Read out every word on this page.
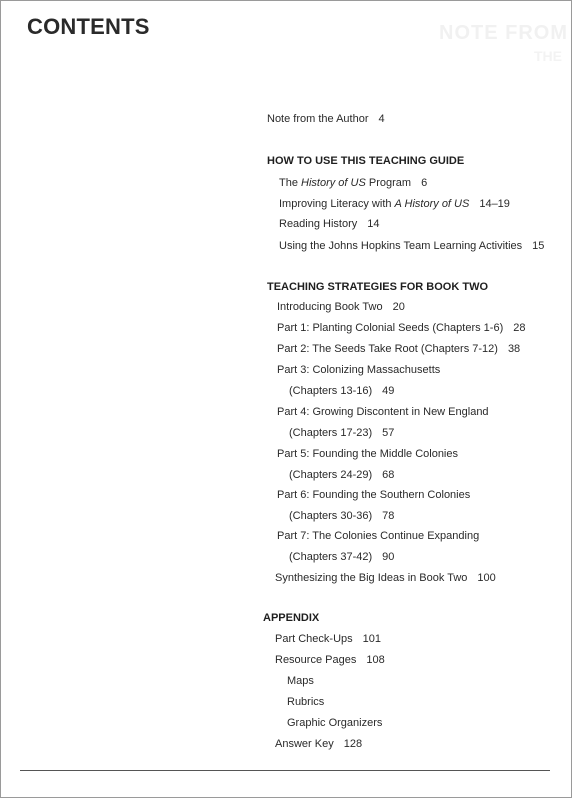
NOTE FROM
THE
CONTENTS
Note from the Author 4
HOW TO USE THIS TEACHING GUIDE
The History of US Program 6
Improving Literacy with A History of US 14–19
Reading History 14
Using the Johns Hopkins Team Learning Activities 15
TEACHING STRATEGIES FOR BOOK TWO
Introducing Book Two 20
Part 1: Planting Colonial Seeds (Chapters 1-6) 28
Part 2: The Seeds Take Root (Chapters 7-12) 38
Part 3: Colonizing Massachusetts
(Chapters 13-16) 49
Part 4: Growing Discontent in New England
(Chapters 17-23) 57
Part 5: Founding the Middle Colonies
(Chapters 24-29) 68
Part 6: Founding the Southern Colonies
(Chapters 30-36) 78
Part 7: The Colonies Continue Expanding
(Chapters 37-42) 90
Synthesizing the Big Ideas in Book Two 100
APPENDIX
Part Check-Ups 101
Resource Pages 108
Maps
Rubrics
Graphic Organizers
Answer Key 128
